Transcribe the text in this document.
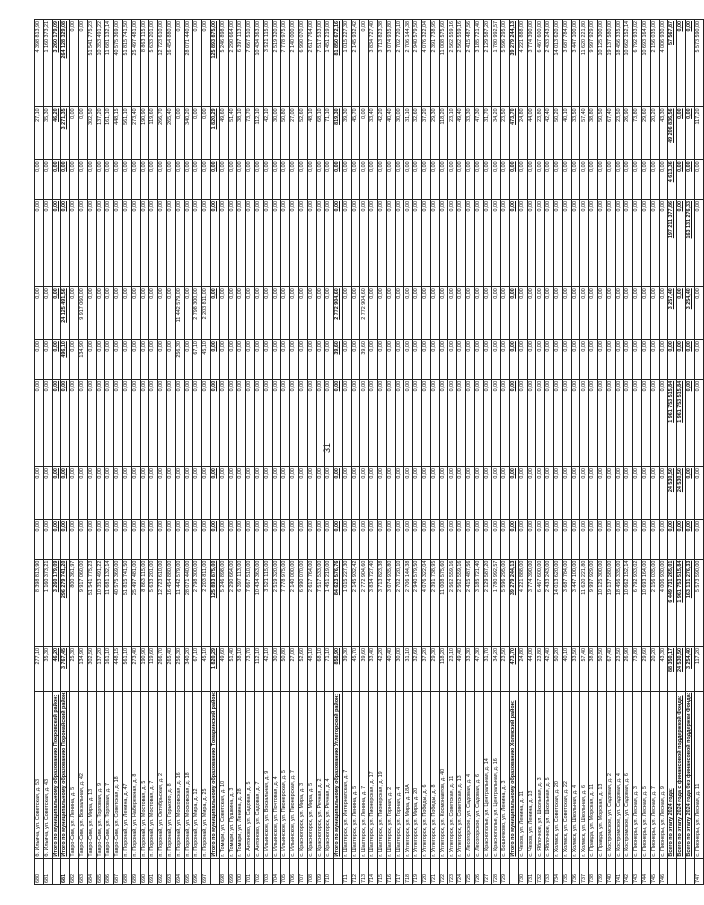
31
680	б. Ильича, ул. Советская, д. 53	277,10	8 398 813,90	0,00	0,00	0,00	0,00	0,00	0,00	0,00	27,10	4 398 813,90
681	б. Ильича, ул. Советская, д. 43	35,30	1 160 373,21	0,00	0,00	0,00	0,00	0,00	0,00	0,00	35,30	1 160 373,21
	Итого по муниципальному образованию Покровский район:	46,20	3 260 179,09	0,00	0,00	0,00	0,00	0,00	0,00	0,00	46,20	3 260 179,09
681	Итого по муниципальному образованию Поронайский район:	3 767,45	296 279 741,20	0,00	0,00	0,00	496,10	24 125 491,56	0,00	0,00	3 271,35	264 128 329,08
682	Тавро-Сим, ул. Ленина, д. 5	25,30	800 361,97	0,00	0,00	0,00	0,00	0,00	0,00	0,00	0,00	0,00
683	Тавро-Сим, ул. Вокзальная, д. 42	134,90	9 917 060,00	0,00	0,00	0,00	134,90	9 917 060,00	0,00	0,00	0,00	0,00
684	Тавро-Сим, ул. Мира, д. 13	302,50	51 541 775,23	0,00	0,00	0,00	0,00	0,00	0,00	0,00	302,50	51 541 775,23
685	Тавро-Сим, ул. Торговая, д. 9	137,20	10 353 491,22	0,00	0,00	0,00	0,00	0,00	0,00	0,00	137,20	10 353 491,22
686	Тавро-Сим, ул. Торговая, д. 7	161,10	11 681 132,14	0,00	0,00	0,00	0,00	0,00	0,00	0,00	161,10	11 681 132,14
687	Тавро-Сим, ул. Советская, д. 18	448,15	40 575 369,00	0,00	0,00	0,00	0,00	0,00	0,00	0,00	448,15	40 575 369,00
688	п. Поронай, ул. Ленина, д. 47	561,10	51 815 741,50	0,00	0,00	0,00	0,00	0,00	0,00	0,00	561,10	51 815 741,50
689	п. Поронай, ул. Набережная, д. 8	273,40	25 497 481,00	0,00	0,00	0,00	0,00	0,00	0,00	0,00	273,40	25 497 481,00
690	п. Поронай, ул. Мостовая, д. 5	190,90	8 863 115,00	0,00	0,00	0,00	0,00	0,00	0,00	0,00	190,90	8 863 115,00
691	п. Поронай, ул. Мостовая, д. 7	119,60	5 633 201,00	0,00	0,00	0,00	0,00	0,00	0,00	0,00	119,60	5 633 201,00
692	п. Поронай, ул. Октябрьская, д. 2	266,70	12 723 610,00	0,00	0,00	0,00	0,00	0,00	0,00	0,00	266,70	12 723 610,00
693	п. Поронай, ул. Горького, д. 8	265,40	16 454 880,00	0,00	0,00	0,00	0,00	0,00	0,00	0,00	265,40	16 454 880,00
694	п. Поронай, ул. Московская, д. 16	256,30	11 442 579,00	0,00	0,00	0,00	256,30	11 442 579,00	0,00	0,00	0,00	0,00
695	п. Поронай, ул. Московская, д. 18	340,20	28 071 440,00	0,00	0,00	0,00	0,00	0,00	0,00	0,00	340,20	28 071 440,00
696	п. Поронай, ул. Мира, д. 12	67,10	2 798 300,00	0,00	0,00	0,00	67,10	2 798 300,00	0,00	0,00	0,00	0,00
697	п. Поронай, ул. Мира, д. 25	45,10	2 203 811,00	0,00	0,00	0,00	45,10	2 203 811,00	0,00	0,00	0,00	0,00
	Итого по муниципальному образованию Томаринский район:	1 820,29	125 893 875,00	0,00	0,00	0,00	0,00	0,00	0,00	0,00	1 820,29	125 893 875,00
698	г. Томари, ул. Советская, д. 10	49,60	5 246 898,00	0,00	0,00	0,00	0,00	0,00	0,00	0,00	49,60	5 246 898,00
699	г. Томари, ул. Пушкина, д. 3	51,40	2 290 664,00	0,00	0,00	0,00	0,00	0,00	0,00	0,00	51,40	2 290 664,00
700	г. Томари, ул. Ленина, д. 28	38,10	6 397 113,00	0,00	0,00	0,00	0,00	0,00	0,00	0,00	38,10	6 397 113,00
701	с. Антоново, ул. Садовая, д. 5	73,70	7 667 510,00	0,00	0,00	0,00	0,00	0,00	0,00	0,00	73,70	7 667 510,00
702	с. Антоново, ул. Садовая, д. 7	112,10	10 434 363,00	0,00	0,00	0,00	0,00	0,00	0,00	0,00	112,10	10 434 363,00
703	с. Ильинское, ул. Вокзальная, д. 9	42,10	3 521 115,00	0,00	0,00	0,00	0,00	0,00	0,00	0,00	42,10	3 521 115,00
704	с. Ильинское, ул. Почтовая, д. 4	30,00	2 519 320,00	0,00	0,00	0,00	0,00	0,00	0,00	0,00	30,00	2 519 320,00
705	с. Ильинское, ул. Пионерская, д. 5	50,80	7 778 975,00	0,00	0,00	0,00	0,00	0,00	0,00	0,00	50,80	7 778 975,00
706	с. Ильинское, ул. Пионерская, д. 7	27,00	2 140 000,00	0,00	0,00	0,00	0,00	0,00	0,00	0,00	27,00	2 140 000,00
707	с. Красногорск, ул. Мира, д. 3	52,60	6 990 070,00	0,00	0,00	0,00	0,00	0,00	0,00	0,00	52,60	6 990 070,00
708	с. Красногорск, ул. Мира, д. 5	48,10	2 617 764,00	0,00	0,00	0,00	0,00	0,00	0,00	0,00	48,10	2 617 764,00
709	с. Красногорск, ул. Речная, д. 2	68,10	7 517 533,00	0,00	0,00	0,00	0,00	0,00	0,00	0,00	68,10	7 517 533,00
710	с. Красногорск, ул. Речная, д. 4	71,10	1 451 219,00	0,00	0,00	0,00	0,00	0,00	0,00	0,00	71,10	1 451 219,00
	Итого по муниципальному образованию Углегорский район:	858,90	84 623 576,76	0,00	0,00	0,00	39,60	2 772 904,60	0,00	0,00	819,30	81 850 672,16
711	г. Шахтерск, ул. Интернатская, д. 7	39,30	1 015 227,30	0,00	0,00	0,00	0,00	0,00	0,00	0,00	39,30	1 015 227,30
712	г. Шахтерск, ул. Ленина, д. 5	45,70	2 145 932,42	0,00	0,00	0,00	0,00	0,00	0,00	0,00	45,70	2 145 932,42
713	г. Шахтерск, ул. Ленина, д. 7	39,60	2 772 904,60	0,00	0,00	0,00	39,60	2 772 904,60	0,00	0,00	0,00	0,00
714	г. Шахтерск, ул. Пионерская, д. 17	33,40	3 834 727,40	0,00	0,00	0,00	0,00	0,00	0,00	0,00	33,40	3 834 727,40
715	г. Шахтерск, ул. Пионерская, д. 19	42,20	3 713 823,38	0,00	0,00	0,00	0,00	0,00	0,00	0,00	42,20	3 713 823,38
716	г. Шахтерск, ул. Горная, д. 2	40,40	3 074 935,80	0,00	0,00	0,00	0,00	0,00	0,00	0,00	40,40	3 074 935,80
717	г. Шахтерск, ул. Горная, д. 4	30,00	2 702 720,10	0,00	0,00	0,00	0,00	0,00	0,00	0,00	30,00	2 702 720,10
718	г. Углегорск, ул. Мира, д. 18А	31,10	2 706 144,38	0,00	0,00	0,00	0,00	0,00	0,00	0,00	31,10	2 706 144,38
719	г. Углегорск, ул. Мира, д. 20	32,60	2 940 579,50	0,00	0,00	0,00	0,00	0,00	0,00	0,00	32,60	2 940 579,50
720	г. Углегорск, ул. Победы, д. 6	37,20	4 076 322,04	0,00	0,00	0,00	0,00	0,00	0,00	0,00	37,20	4 076 322,04
721	г. Углегорск, ул. Победы, д. 8	29,30	2 391 738,95	0,00	0,00	0,00	0,00	0,00	0,00	0,00	29,30	2 391 738,95
722	г. Углегорск, ул. Космонавтов, д. 40	118,20	11 008 575,60	0,00	0,00	0,00	0,00	0,00	0,00	0,00	118,20	11 008 575,60
723	г. Углегорск, ул. Советская, д. 11	23,10	2 562 559,16	0,00	0,00	0,00	0,00	0,00	0,00	0,00	23,10	2 562 559,16
724	г. Углегорск, ул. Советская, д. 13	49,40	2 562 559,16	0,00	0,00	0,00	0,00	0,00	0,00	0,00	49,40	2 562 559,16
725	с. Лесогорское, ул. Садовая, д. 4	33,30	2 415 487,56	0,00	0,00	0,00	0,00	0,00	0,00	0,00	33,30	2 415 487,56
726	с. Лесогорское, ул. Садовая, д. 6	47,30	3 185 721,40	0,00	0,00	0,00	0,00	0,00	0,00	0,00	47,30	3 185 721,40
727	с. Краснополье, ул. Центральная, д. 14	31,70	2 129 587,20	0,00	0,00	0,00	0,00	0,00	0,00	0,00	31,70	2 129 587,20
728	с. Краснополье, ул. Центральная, д. 16	34,20	1 780 992,57	0,00	0,00	0,00	0,00	0,00	0,00	0,00	34,20	1 780 992,57
729	с. Бошняково, ул. Ленина, д. 3	23,50	5 596 295,00	0,00	0,00	0,00	0,00	0,00	0,00	0,00	23,50	5 596 295,00
	Итого по муниципальному образованию Холмский район:	473,70	39 279 244,13	0,00	0,00	0,00	0,00	0,00	0,00	0,00	473,70	39 279 244,13
730	с. Чехов, ул. Ленина, д. 11	24,80	4 221 888,00	0,00	0,00	0,00	0,00	0,00	0,00	0,00	24,80	4 221 888,00
731	с. Чехов, ул. Ленина, д. 13	44,00	3 774 390,00	0,00	0,00	0,00	0,00	0,00	0,00	0,00	44,00	3 774 390,00
732	с. Яблочное, ул. Школьная, д. 3	23,80	6 467 600,00	0,00	0,00	0,00	0,00	0,00	0,00	0,00	23,80	6 467 600,00
733	с. Яблочное, ул. Школьная, д. 5	42,40	2 433 243,00	0,00	0,00	0,00	0,00	0,00	0,00	0,00	42,40	2 433 243,00
734	г. Холмск, ул. Советская, д. 20	50,20	14 013 620,00	0,00	0,00	0,00	0,00	0,00	0,00	0,00	50,20	14 013 620,00
735	г. Холмск, ул. Советская, д. 22	40,10	3 687 784,00	0,00	0,00	0,00	0,00	0,00	0,00	0,00	40,10	3 687 784,00
736	г. Холмск, ул. Школьная, д. 4	33,50	3 447 100,00	0,00	0,00	0,00	0,00	0,00	0,00	0,00	33,50	3 447 100,00
737	г. Холмск, ул. Школьная, д. 6	57,40	11 620 221,80	0,00	0,00	0,00	0,00	0,00	0,00	0,00	57,40	11 620 221,80
738	с. Правда, ул. Морская, д. 11	38,80	9 997 929,00	0,00	0,00	0,00	0,00	0,00	0,00	0,00	38,80	9 997 929,00
739	с. Правда, ул. Морская, д. 13	50,50	10 125 300,00	0,00	0,00	0,00	0,00	0,00	0,00	0,00	50,50	10 125 300,00
740	с. Костромское, ул. Садовая, д. 2	67,40	19 137 580,00	0,00	0,00	0,00	0,00	0,00	0,00	0,00	67,40	19 137 580,00
741	с. Костромское, ул. Садовая, д. 4	23,50	18 456 335,00	0,00	0,00	0,00	0,00	0,00	0,00	0,00	23,50	18 456 335,00
742	с. Костромское, ул. Садовая, д. 6	26,90	10 662 152,14	0,00	0,00	0,00	0,00	0,00	0,00	0,00	26,90	10 662 152,14
743	с. Пионеры, ул. Лесная, д. 3	73,80	6 792 933,02	0,00	0,00	0,00	0,00	0,00	0,00	0,00	73,80	6 792 933,02
744	с. Пионеры, ул. Лесная, д. 5	29,60	10 693 164,00	0,00	0,00	0,00	0,00	0,00	0,00	0,00	29,60	10 693 164,00
745	с. Пионеры, ул. Лесная, д. 7	20,20	2 156 035,00	0,00	0,00	0,00	0,00	0,00	0,00	0,00	20,20	2 156 035,00
746	с. Пионеры, ул. Лесная, д. 9	43,30	4 006 930,00	0,00	0,00	0,00	0,00	0,00	0,00	0,00	43,30	4 006 930,00
	Всего по этапу 2024 года:	88 350,17	6 449 731 265,01	0,00	24 530,50	1 961 753 515,84	0,00	3 257,40	197 211 377,86	4 613,36	49 206 836,56	57 567,87
	Всего по этапу 2024 года с финансовой поддержкой Фонда:	24 530,50	1 961 753 515,84	0,00	24 530,50	1 961 753 515,84	0,00	0,00	0,00	0,00	0,00	0,00
	Всего по этапу 2024 года без финансовой поддержки Фонда:	3 254,40	163 131 276,33	0,00	0,00	0,00	0,00	3 254,40	163 131 276,33	0,00	0,00	0,00
747	с. Пионеры, ул. Лесная, д. 11	117,20	5 573 590,00	0,00	0,00	0,00	0,00	0,00	0,00	0,00	117,20	5 573 590,00
